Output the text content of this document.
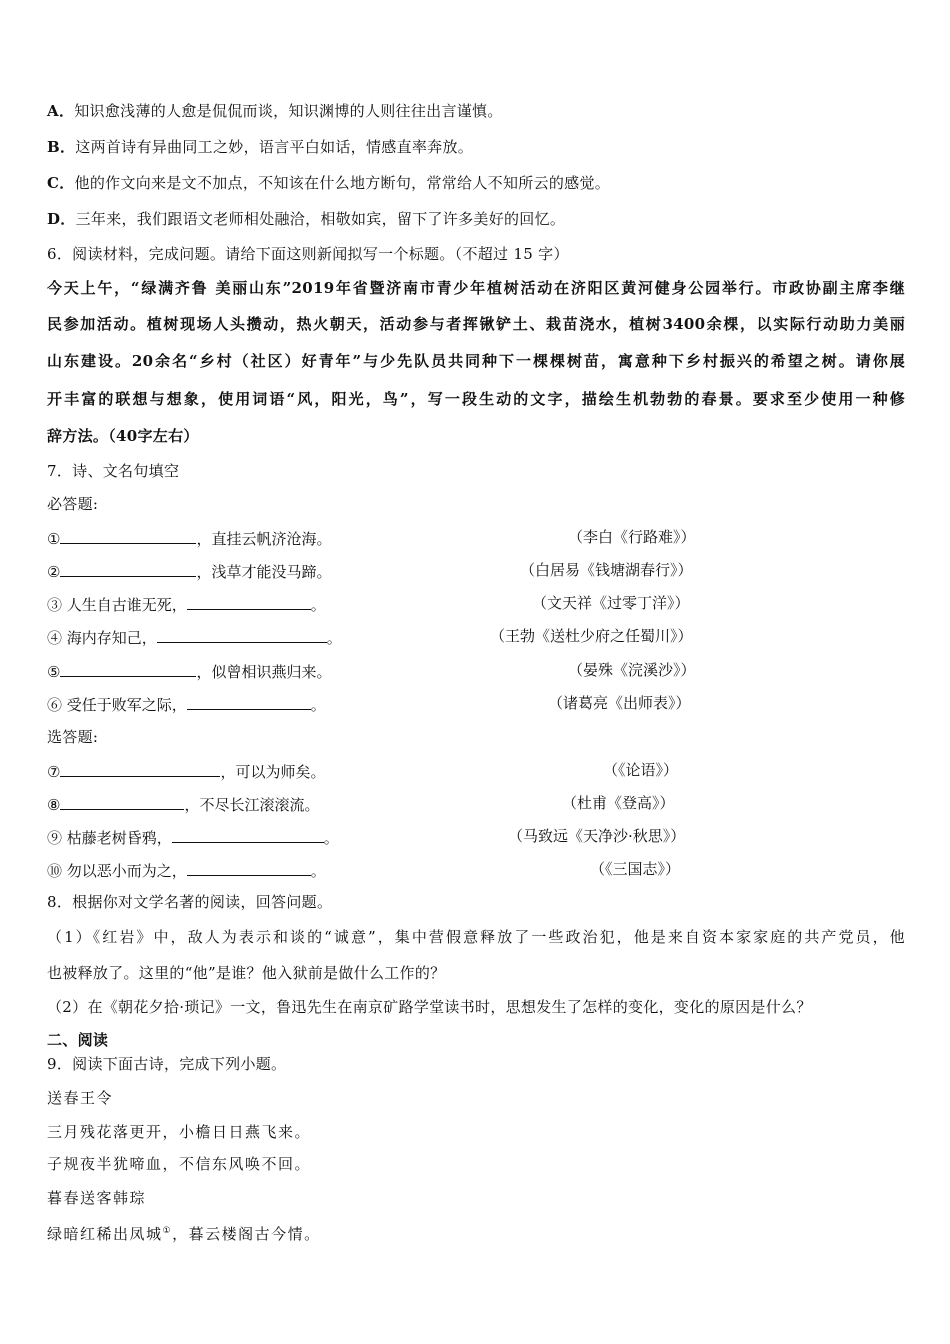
A．知识愈浅薄的人愈是侃侃而谈，知识渊博的人则往往出言谨慎。
B．这两首诗有异曲同工之妙，语言平白如话，情感直率奔放。
C．他的作文向来是文不加点，不知该在什么地方断句，常常给人不知所云的感觉。
D．三年来，我们跟语文老师相处融洽，相敬如宾，留下了许多美好的回忆。
6．阅读材料，完成问题。请给下面这则新闻拟写一个标题。（不超过 15 字）
今天上午，“绿满齐鲁 美丽山东”2019年省暨济南市青少年植树活动在济阳区黄河健身公园举行。市政协副主席李继
民参加活动。植树现场人头攒动，热火朝天，活动参与者挥锹铲土、栽苗浇水，植树3400余棵，以实际行动助力美丽
山东建设。20余名“乡村（社区）好青年”与少先队员共同种下一棵棵树苗，寓意种下乡村振兴的希望之树。请你展
开丰富的联想与想象，使用词语“风，阳光，鸟”，写一段生动的文字，描绘生机勃勃的春景。要求至少使用一种修
辞方法。（40字左右）
7．诗、文名句填空
必答题:
①	，直挂云帆济沧海。	（李白《行路难》）
②	，浅草才能没马蹄。	（白居易《钱塘湖春行》）
③ 人生自古谁无死，	。	（文天祥《过零丁洋》）
④ 海内存知己，	。	（王勃《送杜少府之任蜀川》）
⑤	，似曾相识燕归来。	（晏殊《浣溪沙》）
⑥ 受任于败军之际，	。	（诸葛亮《出师表》）
选答题:
⑦	，可以为师矣。	（《论语》）
⑧	，不尽长江滚滚流。	（杜甫《登高》）
⑨ 枯藤老树昏鸦，	。	（马致远《天净沙·秋思》）
⑩ 勿以恶小而为之，	。	（《三国志》）
8．根据你对文学名著的阅读，回答问题。
（1）《红岩》中，敌人为表示和谈的“诚意”，集中营假意释放了一些政治犯，他是来自资本家家庭的共产党员，他
也被释放了。这里的“他”是谁？他入狱前是做什么工作的？
（2）在《朝花夕拾·琐记》一文，鲁迅先生在南京矿路学堂读书时，思想发生了怎样的变化，变化的原因是什么？
二、阅读
9．阅读下面古诗，完成下列小题。
送春王令
三月残花落更开，小檐日日燕飞来。
子规夜半犹啼血，不信东风唤不回。
暮春送客韩琮
绿暗红稀出凤城①，暮云楼阁古今情。
